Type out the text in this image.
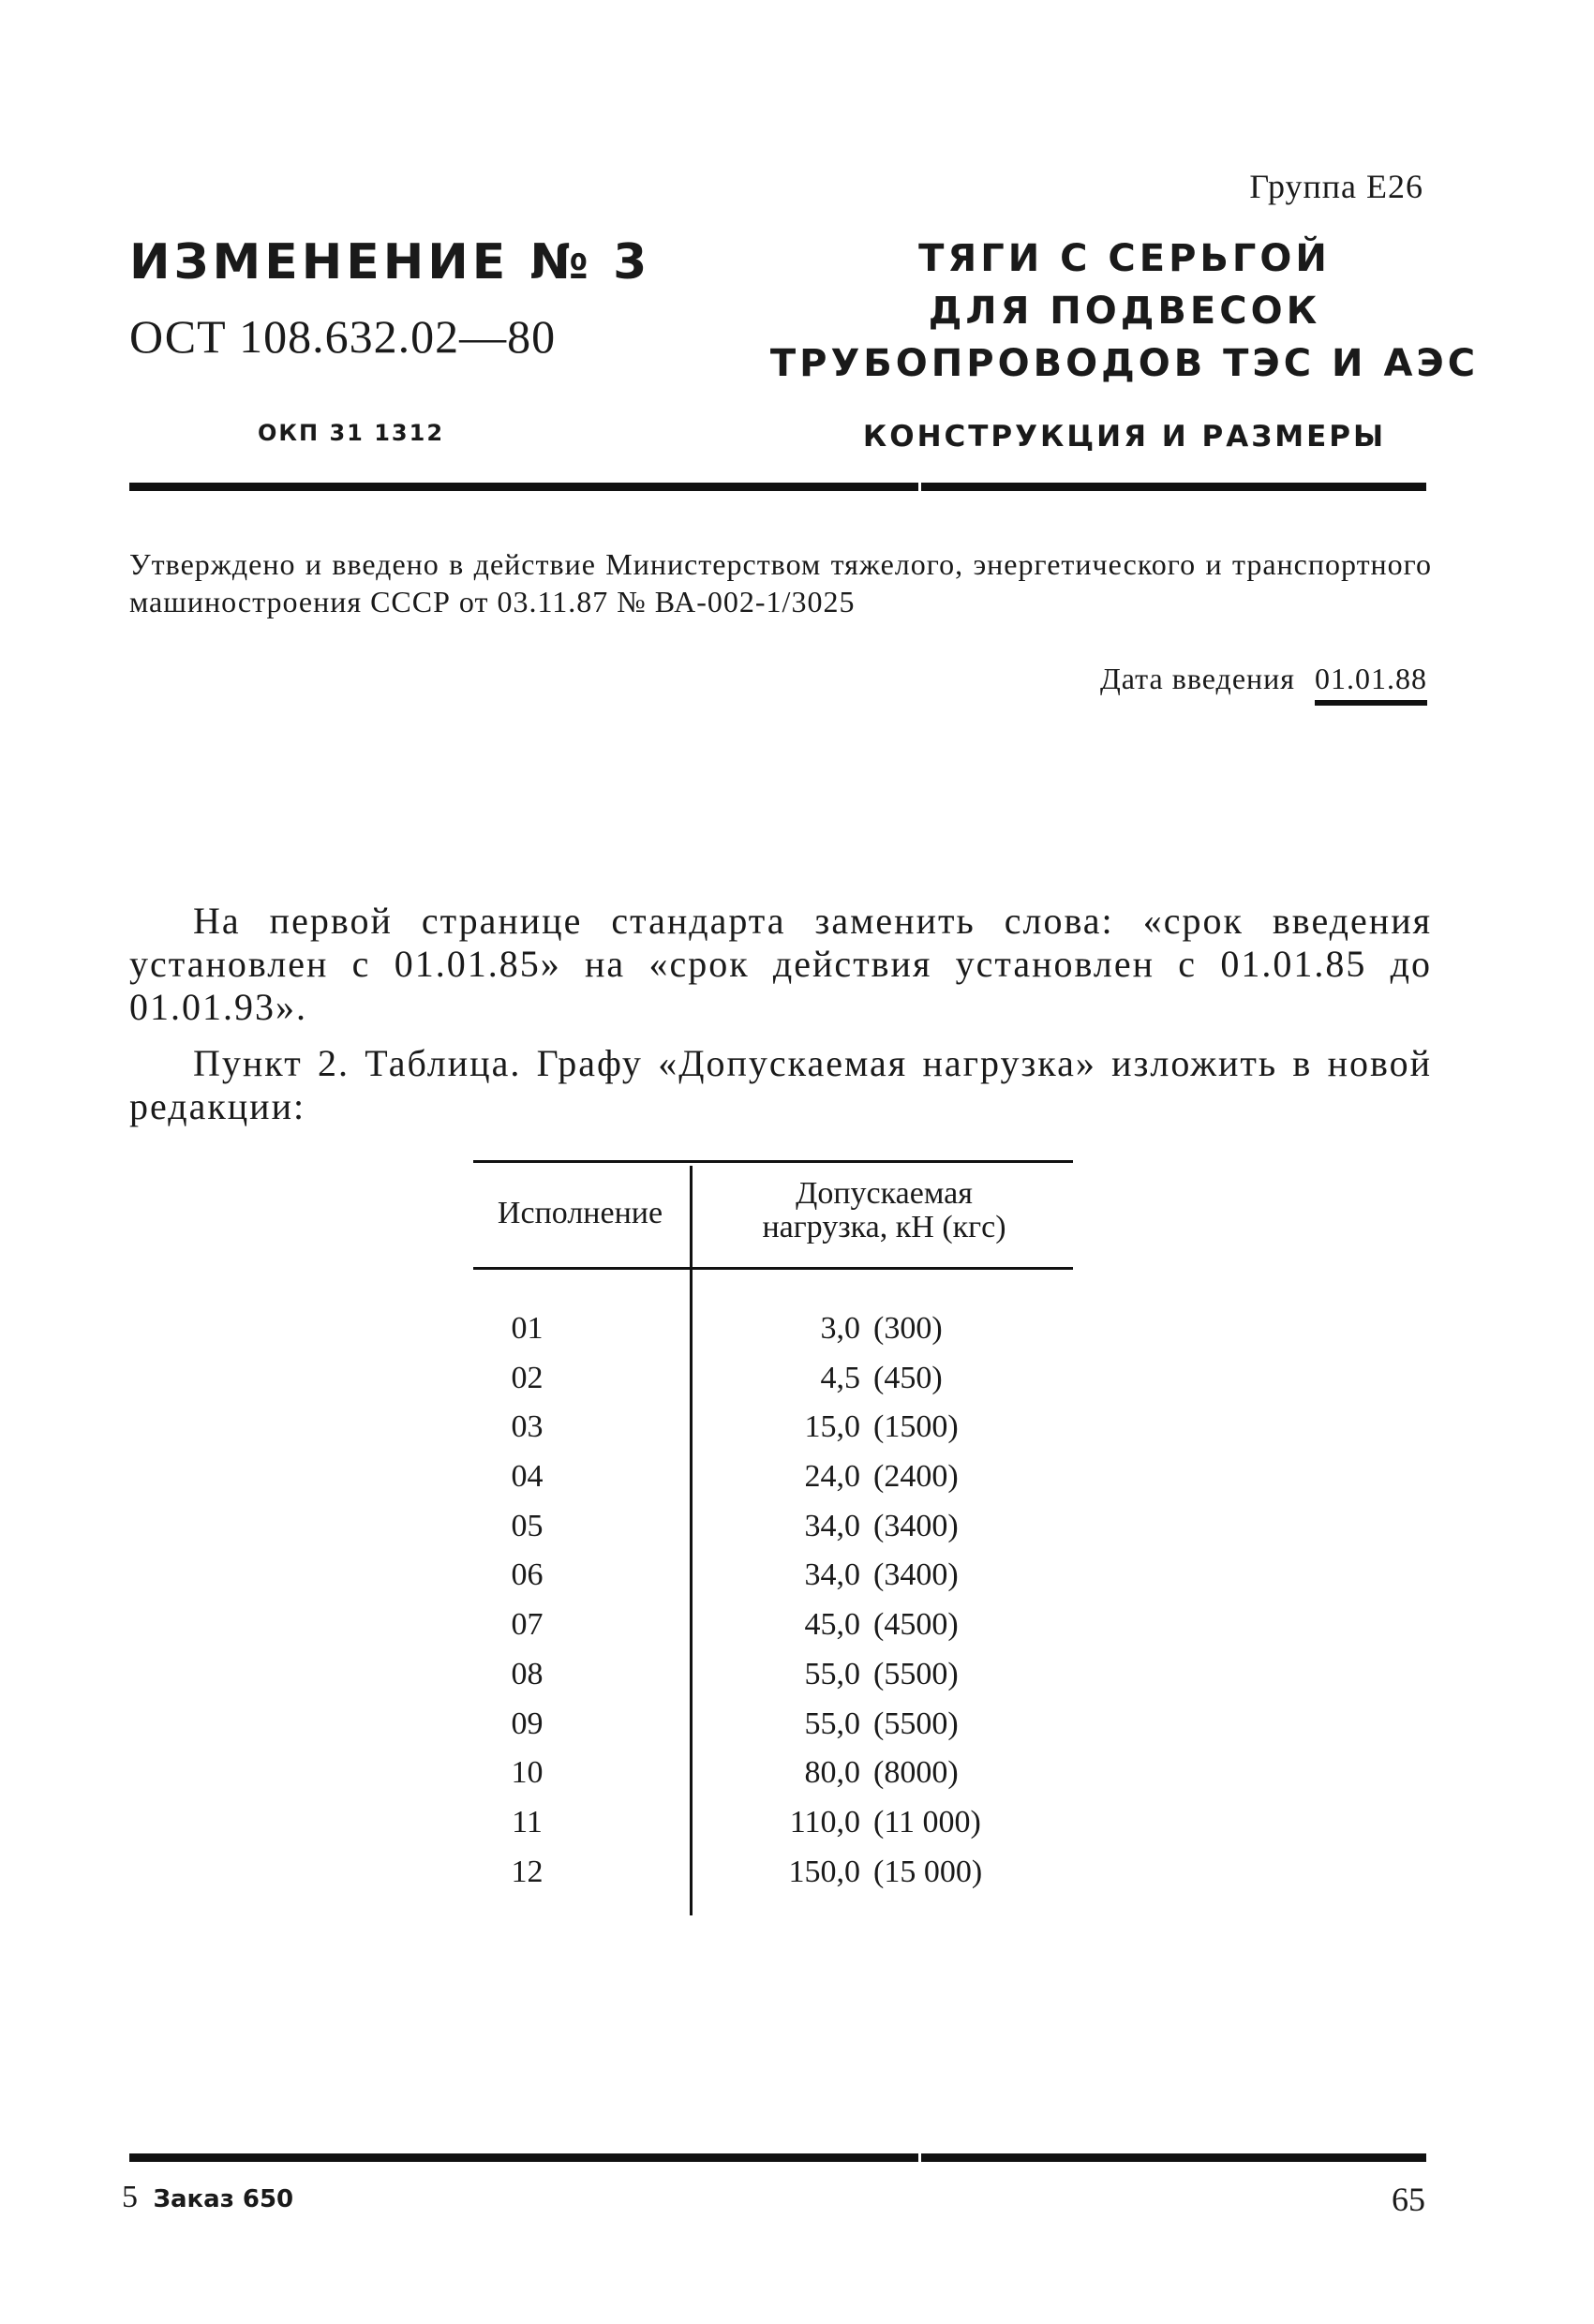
Группа Е26
ИЗМЕНЕНИЕ № 3
ОСТ 108.632.02—80
ОКП 31 1312
ТЯГИ С СЕРЬГОЙ
ДЛЯ ПОДВЕСОК
ТРУБОПРОВОДОВ ТЭС И АЭС
КОНСТРУКЦИЯ И РАЗМЕРЫ
Утверждено и введено в действие Министерством тяжелого, энергетического и транспортного машиностроения СССР от 03.11.87 № ВА-002-1/3025
Дата введения 01.01.88
На первой странице стандарта заменить слова: «срок введения установлен с 01.01.85» на «срок действия установлен с 01.01.85 до 01.01.93».
Пункт 2. Таблица. Графу «Допускаемая нагрузка» изложить в новой редакции:
Исполнение
Допускаемая
нагрузка, кН (кгс)
01
02
03
04
05
06
07
08
09
10
11
12
3,0 (300)
4,5 (450)
15,0 (1500)
24,0 (2400)
34,0 (3400)
34,0 (3400)
45,0 (4500)
55,0 (5500)
55,0 (5500)
80,0 (8000)
110,0 (11 000)
150,0 (15 000)
5 Заказ 650	65
